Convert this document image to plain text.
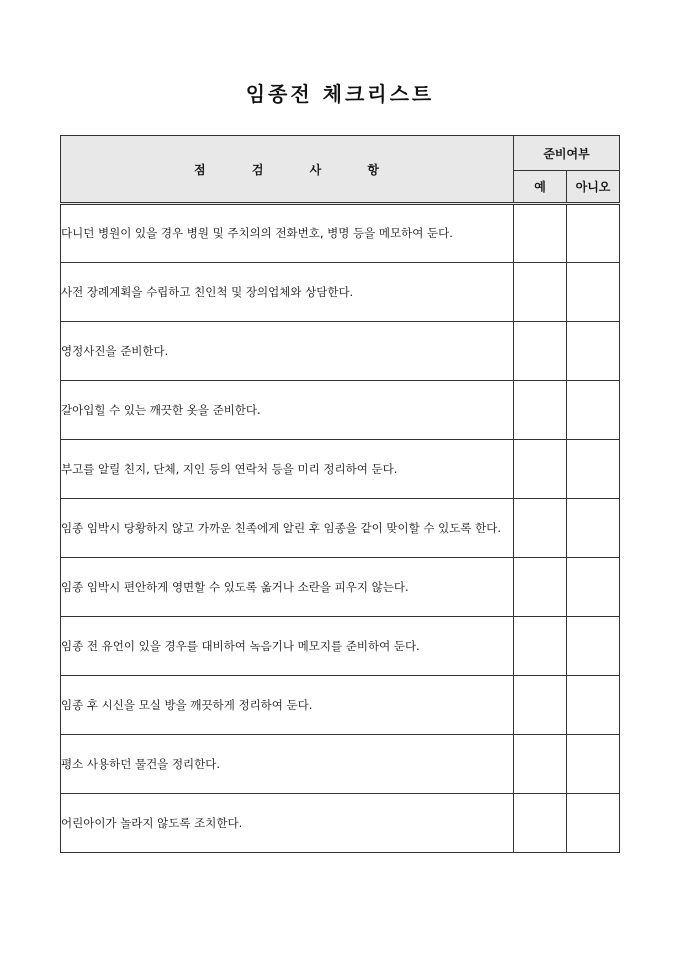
임종전 체크리스트
점 검 사 항	준비여부	
	예	아니오
다니던 병원이 있을 경우 병원 및 주치의의 전화번호, 병명 등을 메모하여 둔다.		
사전 장례계획을 수립하고 친인척 및 장의업체와 상담한다.		
영정사진을 준비한다.		
갈아입힐 수 있는 깨끗한 옷을 준비한다.		
부고를 알릴 친지, 단체, 지인 등의 연락처 등을 미리 정리하여 둔다.		
임종 임박시 당황하지 않고 가까운 친족에게 알린 후 임종을 같이 맞이할 수 있도록 한다.		
임종 임박시 편안하게 영면할 수 있도록 옮거나 소란을 피우지 않는다.		
임종 전 유언이 있을 경우를 대비하여 녹음기나 메모지를 준비하여 둔다.		
임종 후 시신을 모실 방을 깨끗하게 정리하여 둔다.		
평소 사용하던 물건을 정리한다.		
어린아이가 놀라지 않도록 조치한다.		
